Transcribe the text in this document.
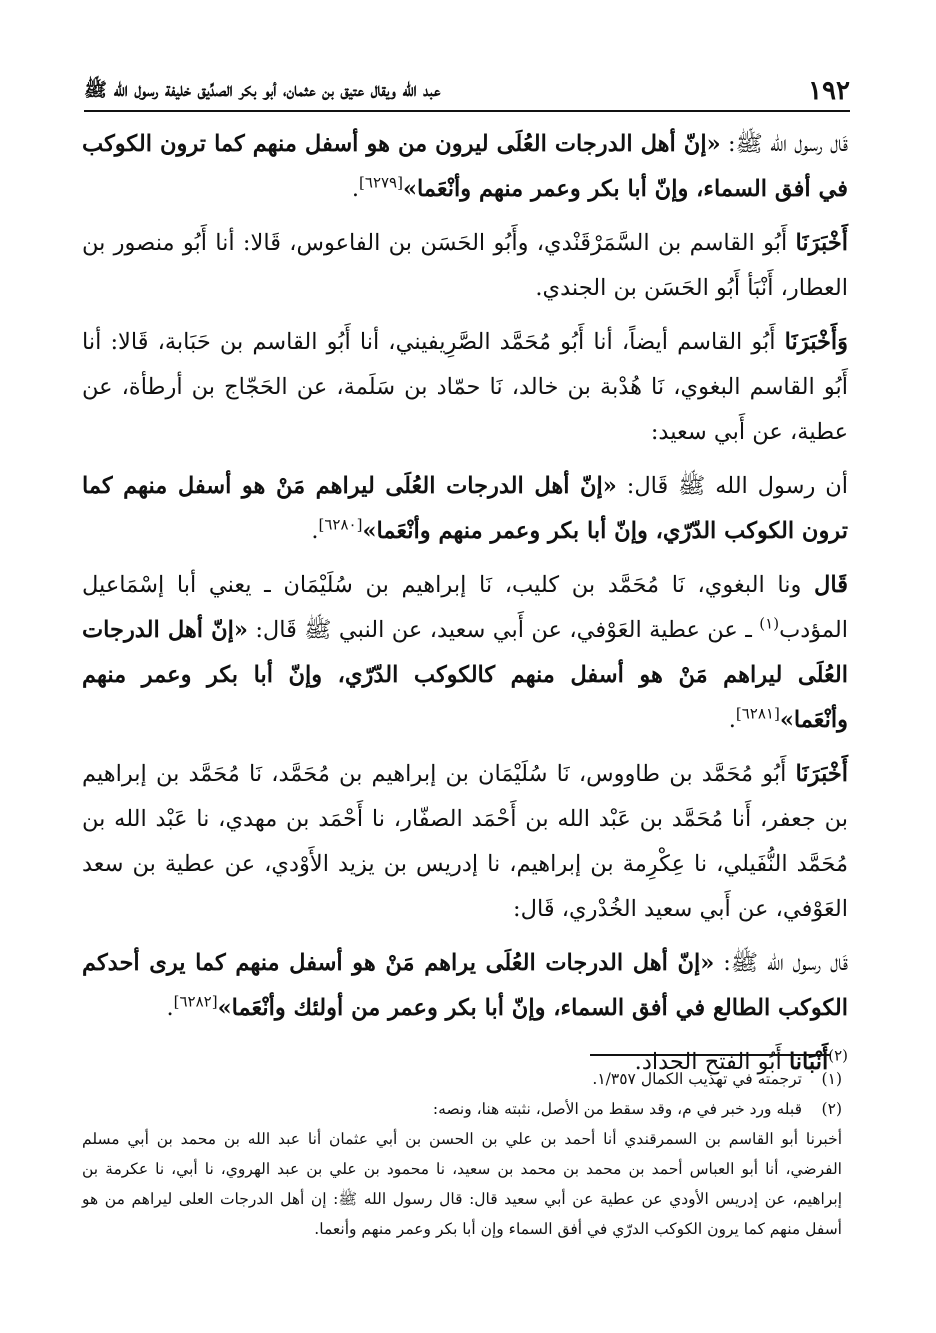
١٩٢
عبد الله ويقال عتيق بن عثمان، أبو بكر الصدِّيق خليفة رسول الله ﷺ

قَال رسول الله ﷺ: «إنّ أهل الدرجات العُلَى ليرون من هو أسفل منهم كما ترون الكوكب في أفق السماء، وإنّ أبا بكر وعمر منهم وأنْعَما»[٦٢٧٩].

أَخْبَرَنَا أَبُو القاسم بن السَّمَرْقَنْدي، وأَبُو الحَسَن بن الفاعوس، قَالا: أنا أَبُو منصور بن العطار، أَنْبَأ أَبُو الحَسَن بن الجندي.

وَأَخْبَرَنَا أَبُو القاسم أيضاً، أنا أَبُو مُحَمَّد الصَّرِيفيني، أنا أَبُو القاسم بن حَبَابة، قَالا: أنا أَبُو القاسم البغوي، نَا هُدْبة بن خالد، نَا حمّاد بن سَلَمة، عن الحَجّاج بن أرطأة، عن عطية، عن أَبي سعيد:

أن رسول الله ﷺ قَال: «إنّ أهل الدرجات العُلَى ليراهم مَنْ هو أسفل منهم كما ترون الكوكب الدّرّي، وإنّ أبا بكر وعمر منهم وأنْعَما»[٦٢٨٠].

قَال ونا البغوي، نَا مُحَمَّد بن كليب، نَا إبراهيم بن سُلَيْمَان ـ يعني أبا إسْمَاعيل المؤدب$^{(١)}$ ـ عن عطية العَوْفي، عن أَبي سعيد، عن النبي ﷺ قَال: «إنّ أهل الدرجات العُلَى ليراهم مَنْ هو أسفل منهم كالكوكب الدّرّي، وإنّ أبا بكر وعمر منهم وأنْعَما»[٦٢٨١].

أَخْبَرَنَا أَبُو مُحَمَّد بن طاووس، نَا سُلَيْمَان بن إبراهيم بن مُحَمَّد، نَا مُحَمَّد بن إبراهيم بن جعفر، أَنا مُحَمَّد بن عَبْد الله بن أَحْمَد الصفّار، نا أَحْمَد بن مهدي، نا عَبْد الله بن مُحَمَّد النُّفَيلي، نا عِكْرِمة بن إبراهيم، نا إدريس بن يزيد الأَوْدي، عن عطية بن سعد العَوْفي، عن أَبي سعيد الخُدْري، قَال:

قَال رسول الله ﷺ: «إنّ أهل الدرجات العُلَى يراهم مَنْ هو أسفل منهم كما يرى أحدكم الكوكب الطالع في أفق السماء، وإنّ أبا بكر وعمر من أولئك وأنْعَما»[٦٢٨٢].

$^{(٢)}$أَنْبَانا أَبُو الفتح الحداد.

(١)
ترجمته في تهذيب الكمال ١/٣٥٧.
(٢)
قبله ورد خبر في م، وقد سقط من الأصل، نثبته هنا، ونصه:
أخبرنا أبو القاسم بن السمرقندي أنا أحمد بن علي بن الحسن بن أبي عثمان أنا عبد الله بن محمد بن أبي مسلم الفرضي، أنا أبو العباس أحمد بن محمد بن محمد بن سعيد، نا محمود بن علي بن عبد الهروي، نا أبي، نا عكرمة بن إبراهيم، عن إدريس الأودي عن عطية عن أبي سعيد قال: قال رسول الله ﷺ: إن أهل الدرجات العلى ليراهم من هو أسفل منهم كما يرون الكوكب الدرّي في أفق السماء وإن أبا بكر وعمر منهم وأنعما.
